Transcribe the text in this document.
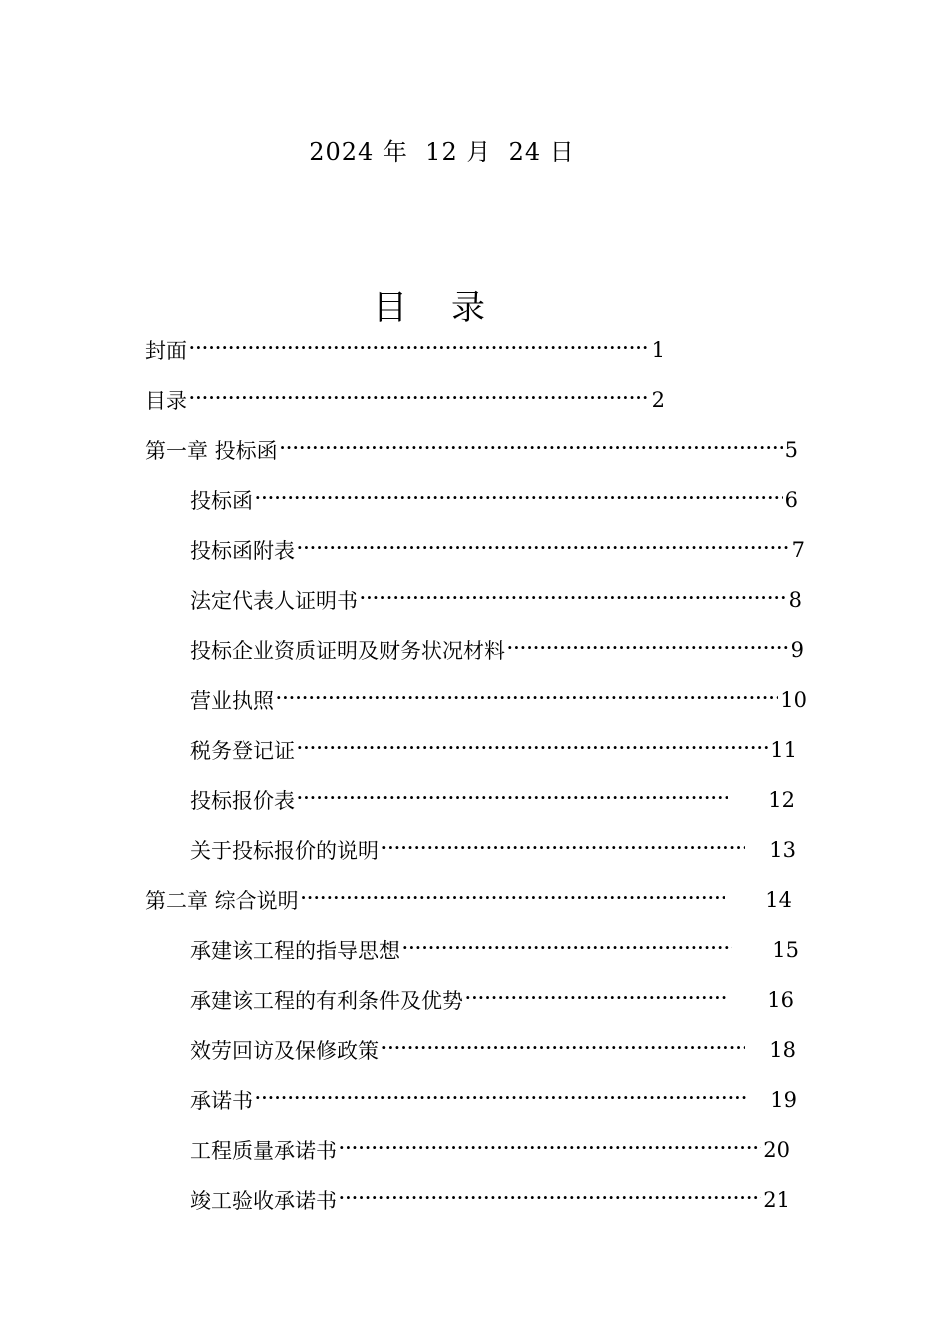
2024 年  12 月  24 日
目录
封面 ·····	1
目录 ·····	2
第一章 投标函 ·····	5
投标函 ·····	6
投标函附表 ·····	7
法定代表人证明书 ·····	8
投标企业资质证明及财务状况材料 ·····	9
营业执照 ·····	10
税务登记证 ·····	11
投标报价表 ·····	12
关于投标报价的说明 ·····	13
第二章 综合说明 ·····	14
承建该工程的指导思想 ·····	15
承建该工程的有利条件及优势 ·····	16
效劳回访及保修政策 ·····	18
承诺书 ·····	19
工程质量承诺书 ·····	20
竣工验收承诺书 ·····	21
